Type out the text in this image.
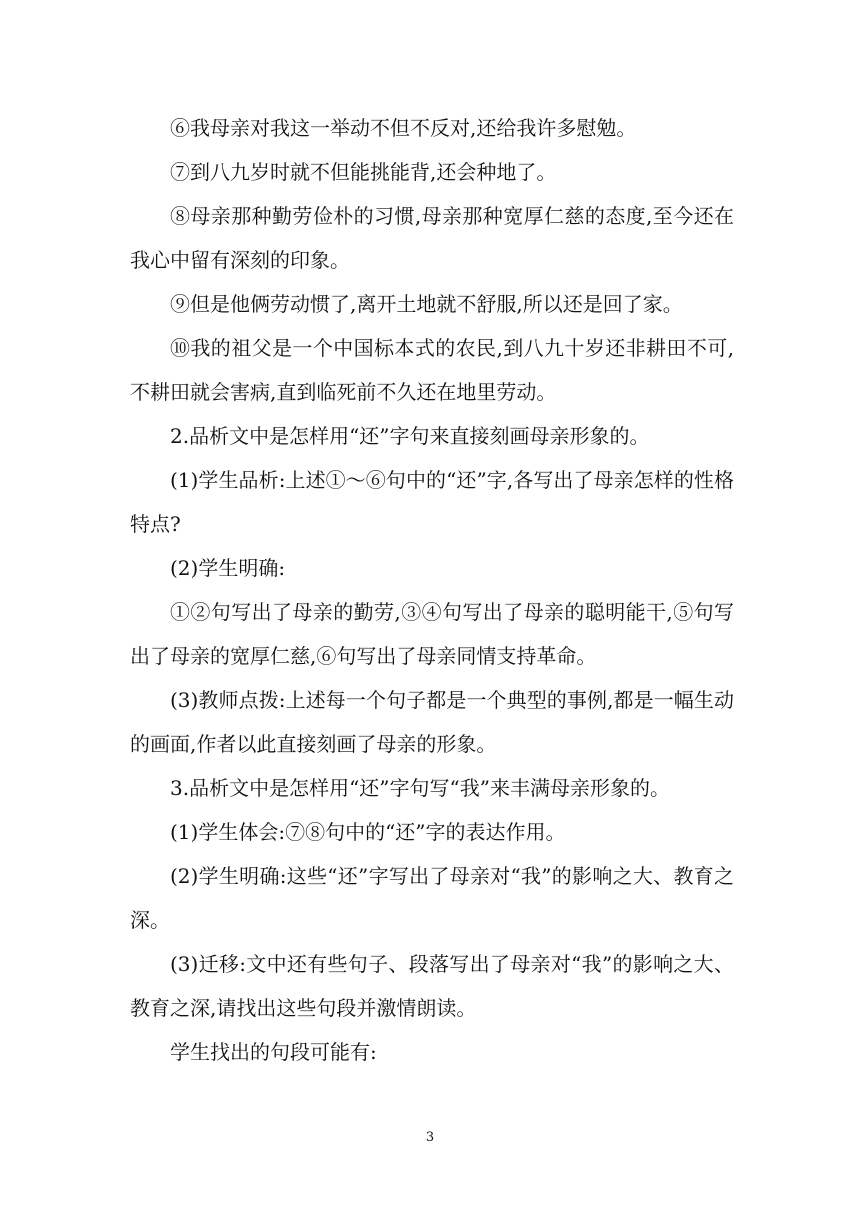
⑥我母亲对我这一举动不但不反对,还给我许多慰勉。

⑦到八九岁时就不但能挑能背,还会种地了。

⑧母亲那种勤劳俭朴的习惯,母亲那种宽厚仁慈的态度,至今还在我心中留有深刻的印象。

⑨但是他俩劳动惯了,离开土地就不舒服,所以还是回了家。

⑩我的祖父是一个中国标本式的农民,到八九十岁还非耕田不可,不耕田就会害病,直到临死前不久还在地里劳动。

2.品析文中是怎样用“还”字句来直接刻画母亲形象的。

(1)学生品析:上述①～⑥句中的“还”字,各写出了母亲怎样的性格特点?

(2)学生明确:

①②句写出了母亲的勤劳,③④句写出了母亲的聪明能干,⑤句写出了母亲的宽厚仁慈,⑥句写出了母亲同情支持革命。

(3)教师点拨:上述每一个句子都是一个典型的事例,都是一幅生动的画面,作者以此直接刻画了母亲的形象。

3.品析文中是怎样用“还”字句写“我”来丰满母亲形象的。

(1)学生体会:⑦⑧句中的“还”字的表达作用。

(2)学生明确:这些“还”字写出了母亲对“我”的影响之大、教育之深。

(3)迁移:文中还有些句子、段落写出了母亲对“我”的影响之大、教育之深,请找出这些句段并激情朗读。

学生找出的句段可能有:

3
